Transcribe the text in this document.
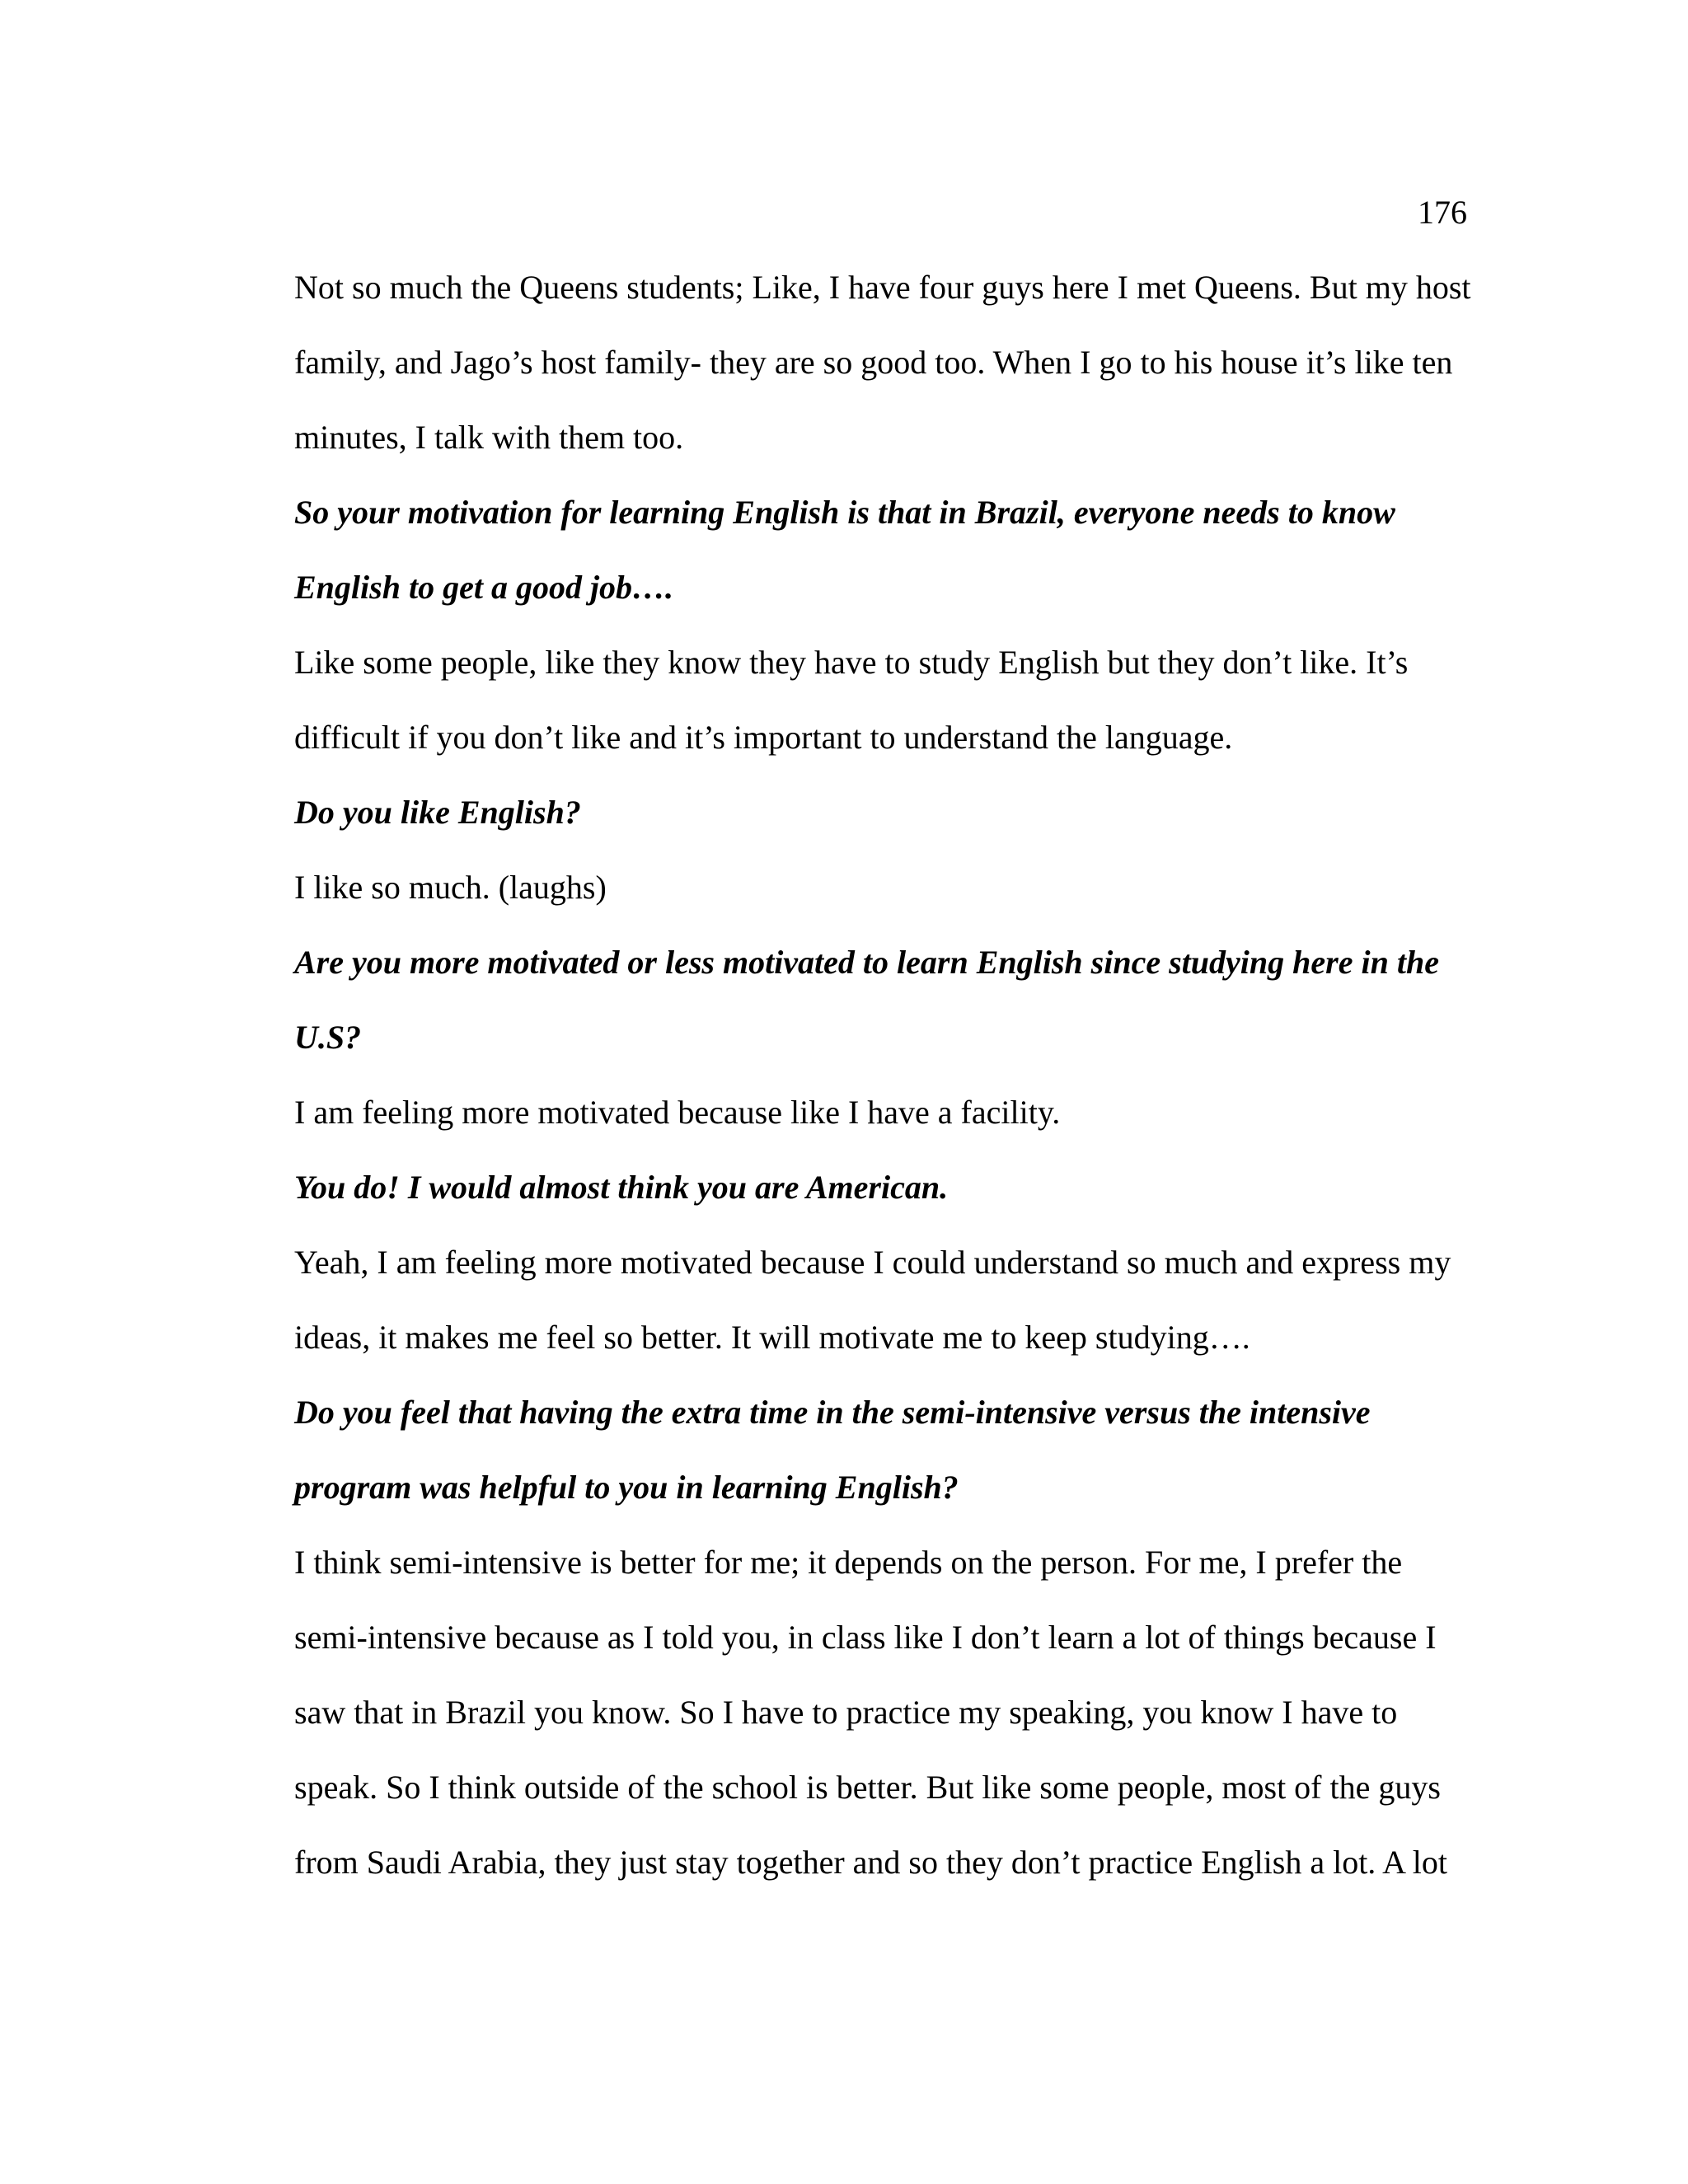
176
Not so much the Queens students; Like, I have four guys here I met Queens. But my host
family, and Jago’s host family- they are so good too. When I go to his house it’s like ten
minutes, I talk with them too.
So your motivation for learning English is that in Brazil, everyone needs to know
English to get a good job….
Like some people, like they know they have to study English but they don’t like. It’s
difficult if you don’t like and it’s important to understand the language.
Do you like English?
I like so much. (laughs)
Are you more motivated or less motivated to learn English since studying here in the
U.S?
I am feeling more motivated because like I have a facility.
You do! I would almost think you are American.
Yeah, I am feeling more motivated because I could understand so much and express my
ideas, it makes me feel so better. It will motivate me to keep studying….
Do you feel that having the extra time in the semi-intensive versus the intensive
program was helpful to you in learning English?
I think semi-intensive is better for me; it depends on the person. For me, I prefer the
semi-intensive because as I told you, in class like I don’t learn a lot of things because I
saw that in Brazil you know. So I have to practice my speaking, you know I have to
speak. So I think outside of the school is better. But like some people, most of the guys
from Saudi Arabia, they just stay together and so they don’t practice English a lot. A lot
